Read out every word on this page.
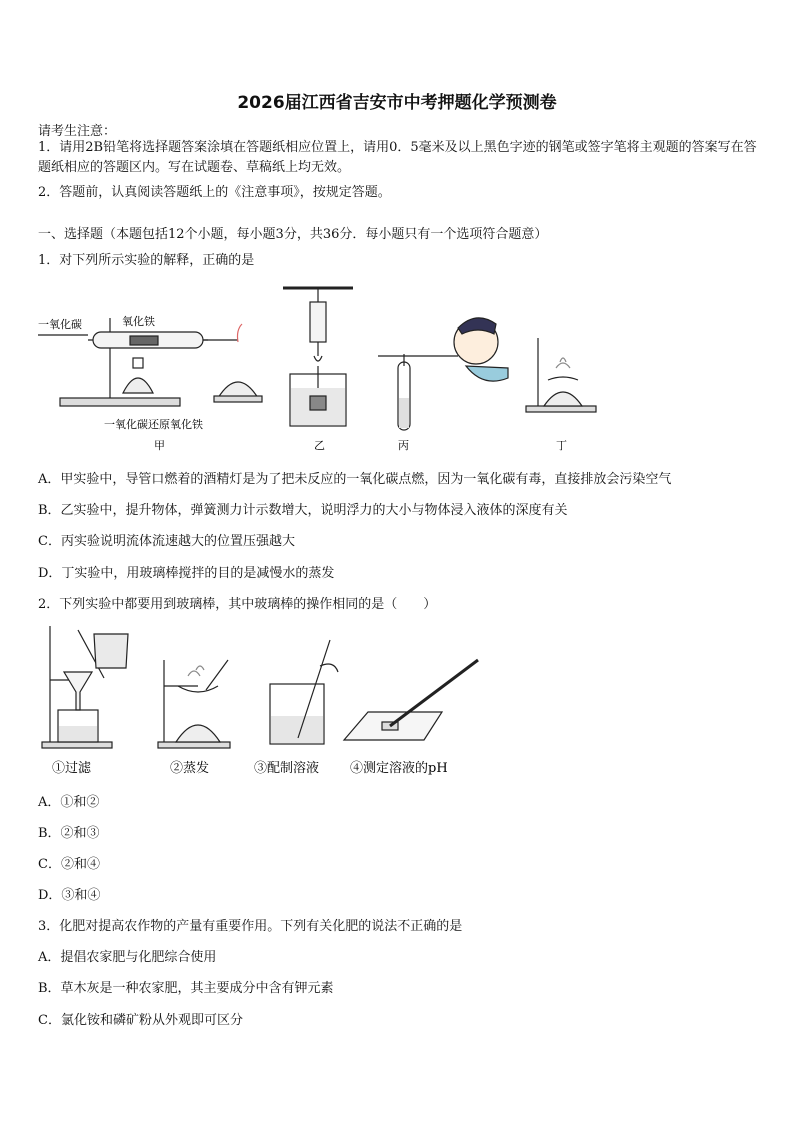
2026届江西省吉安市中考押题化学预测卷
请考生注意：
1．请用2B铅笔将选择题答案涂填在答题纸相应位置上，请用0．5毫米及以上黑色字迹的钢笔或签字笔将主观题的答案写在答题纸相应的答题区内。写在试题卷、草稿纸上均无效。
2．答题前，认真阅读答题纸上的《注意事项》，按规定答题。
一、选择题（本题包括12个小题，每小题3分，共36分．每小题只有一个选项符合题意）
1．对下列所示实验的解释，正确的是
一氧化碳	氧化铁
一氧化碳还原氧化铁
甲	乙	丙	丁
A．甲实验中，导管口燃着的酒精灯是为了把未反应的一氧化碳点燃，因为一氧化碳有毒，直接排放会污染空气
B．乙实验中，提升物体，弹簧测力计示数增大，说明浮力的大小与物体浸入液体的深度有关
C．丙实验说明流体流速越大的位置压强越大
D．丁实验中，用玻璃棒搅拌的目的是减慢水的蒸发
2．下列实验中都要用到玻璃棒，其中玻璃棒的操作相同的是（　　）
①过滤	②蒸发	③配制溶液 ④测定溶液的pH
A．①和②
B．②和③
C．②和④
D．③和④
3．化肥对提高农作物的产量有重要作用。下列有关化肥的说法不正确的是
A．提倡农家肥与化肥综合使用
B．草木灰是一种农家肥，其主要成分中含有钾元素
C．氯化铵和磷矿粉从外观即可区分
